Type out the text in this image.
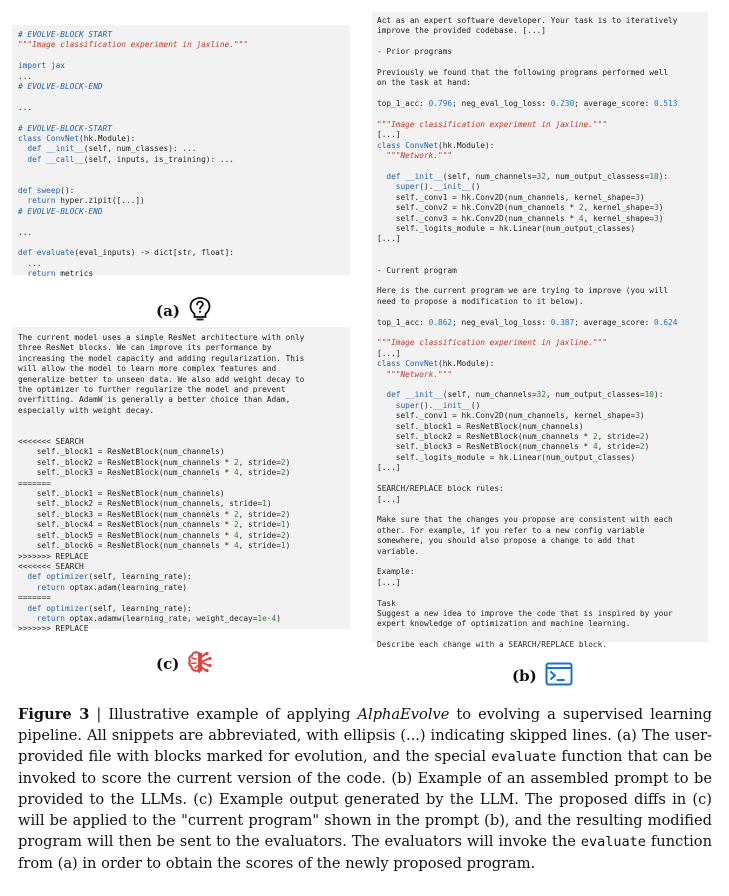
# EVOLVE-BLOCK START
"""Image classification experiment in jaxline."""
import jax
...
# EVOLVE-BLOCK-END
...
# EVOLVE-BLOCK-START
class ConvNet(hk.Module):
def __init__(self, num_classes): ...
def __call__(self, inputs, is_training): ...
def sweep():
return hyper.zipit([...])
# EVOLVE-BLOCK-END
...
def evaluate(eval_inputs) -> dict[str, float]:
...
return metrics
(a)
The current model uses a simple ResNet architecture with only
three ResNet blocks. We can improve its performance by
increasing the model capacity and adding regularization. This
will allow the model to learn more complex features and
generalize better to unseen data. We also add weight decay to
the optimizer to further regularize the model and prevent
overfitting. AdamW is generally a better choice than Adam,
especially with weight decay.
<<<<<<< SEARCH
self._block1 = ResNetBlock(num_channels)
self._block2 = ResNetBlock(num_channels * 2, stride=2)
self._block3 = ResNetBlock(num_channels * 4, stride=2)
=======
self._block1 = ResNetBlock(num_channels)
self._block2 = ResNetBlock(num_channels, stride=1)
self._block3 = ResNetBlock(num_channels * 2, stride=2)
self._block4 = ResNetBlock(num_channels * 2, stride=1)
self._block5 = ResNetBlock(num_channels * 4, stride=2)
self._block6 = ResNetBlock(num_channels * 4, stride=1)
>>>>>>> REPLACE
<<<<<<< SEARCH
def optimizer(self, learning_rate):
return optax.adam(learning_rate)
=======
def optimizer(self, learning_rate):
return optax.adamw(learning_rate, weight_decay=1e-4)
>>>>>>> REPLACE
(c)
Act as an expert software developer. Your task is to iteratively
improve the provided codebase. [...]
- Prior programs
Previously we found that the following programs performed well
on the task at hand:
top_1_acc: 0.796; neg_eval_log_loss: 0.230; average_score: 0.513
"""Image classification experiment in jaxline."""
[...]
class ConvNet(hk.Module):
"""Network."""
def __init__(self, num_channels=32, num_output_classess=10):
super().__init__()
self._conv1 = hk.Conv2D(num_channels, kernel_shape=3)
self._conv2 = hk.Conv2D(num_channels * 2, kernel_shape=3)
self._conv3 = hk.Conv2D(num_channels * 4, kernel_shape=3)
self._logits_module = hk.Linear(num_output_classes)
[...]
- Current program
Here is the current program we are trying to improve (you will
need to propose a modification to it below).
top_1_acc: 0.862; neg_eval_log_loss: 0.387; average_score: 0.624
"""Image classification experiment in jaxline."""
[...]
class ConvNet(hk.Module):
"""Network."""
def __init__(self, num_channels=32, num_output_classes=10):
super().__init__()
self._conv1 = hk.Conv2D(num_channels, kernel_shape=3)
self._block1 = ResNetBlock(num_channels)
self._block2 = ResNetBlock(num_channels * 2, stride=2)
self._block3 = ResNetBlock(num_channels * 4, stride=2)
self._logits_module = hk.Linear(num_output_classes)
[...]
SEARCH/REPLACE block rules:
[...]
Make sure that the changes you propose are consistent with each
other. For example, if you refer to a new config variable
somewhere, you should also propose a change to add that
variable.
Example:
[...]
Task
Suggest a new idea to improve the code that is inspired by your
expert knowledge of optimization and machine learning.
Describe each change with a SEARCH/REPLACE block.
(b)
Figure 3 | Illustrative example of applying AlphaEvolve to evolving a supervised learning pipeline. All snippets are abbreviated, with ellipsis (...) indicating skipped lines. (a) The user-provided file with blocks marked for evolution, and the special evaluate function that can be invoked to score the current version of the code. (b) Example of an assembled prompt to be provided to the LLMs. (c) Example output generated by the LLM. The proposed diffs in (c) will be applied to the "current program" shown in the prompt (b), and the resulting modified program will then be sent to the evaluators. The evaluators will invoke the evaluate function from (a) in order to obtain the scores of the newly proposed program.
